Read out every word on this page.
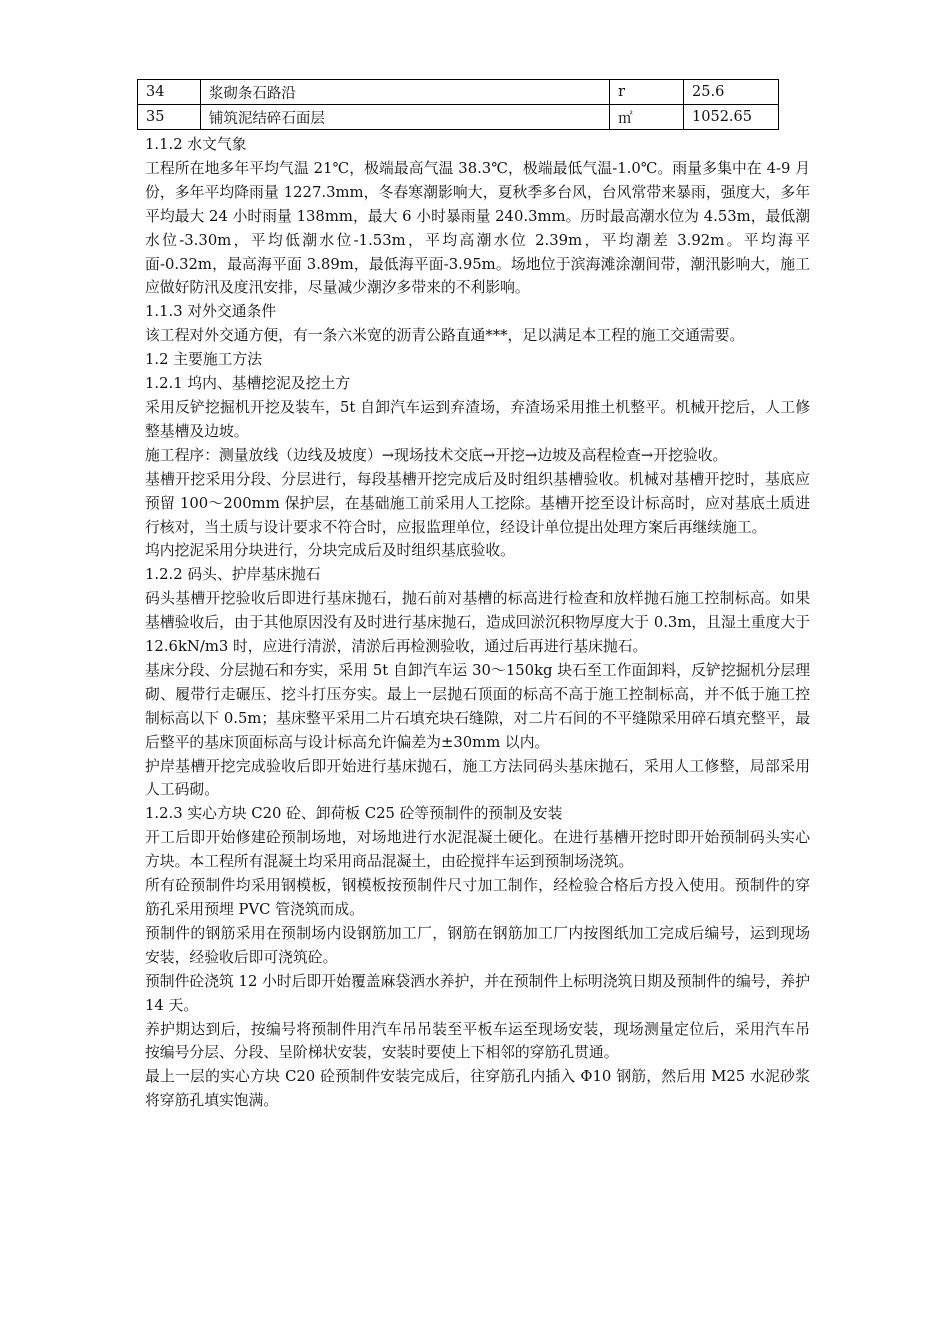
34	浆砌条石路沿	r	25.6
35	铺筑泥结碎石面层	㎡	1052.65

1.1.2 水文气象

工程所在地多年平均气温 21℃，极端最高气温 38.3℃，极端最低气温-1.0℃。雨量多集中在 4-9 月份，多年平均降雨量 1227.3mm，冬春寒潮影响大，夏秋季多台风，台风常带来暴雨，强度大，多年平均最大 24 小时雨量 138mm，最大 6 小时暴雨量 240.3mm。历时最高潮水位为 4.53m，最低潮水位-3.30m，平均低潮水位-1.53m，平均高潮水位 2.39m，平均潮差 3.92m。平均海平面-0.32m，最高海平面 3.89m，最低海平面-3.95m。场地位于滨海滩涂潮间带，潮汛影响大，施工应做好防汛及度汛安排，尽量减少潮汐多带来的不利影响。

1.1.3 对外交通条件

该工程对外交通方便，有一条六米宽的沥青公路直通***，足以满足本工程的施工交通需要。

1.2 主要施工方法

1.2.1 坞内、基槽挖泥及挖土方

采用反铲挖掘机开挖及装车，5t 自卸汽车运到弃渣场，弃渣场采用推土机整平。机械开挖后，人工修整基槽及边坡。

施工程序：测量放线（边线及坡度）→现场技术交底→开挖→边坡及高程检查→开挖验收。

基槽开挖采用分段、分层进行，每段基槽开挖完成后及时组织基槽验收。机械对基槽开挖时，基底应预留 100～200mm 保护层，在基础施工前采用人工挖除。基槽开挖至设计标高时，应对基底土质进行核对，当土质与设计要求不符合时，应报监理单位，经设计单位提出处理方案后再继续施工。

坞内挖泥采用分块进行，分块完成后及时组织基底验收。

1.2.2 码头、护岸基床抛石

码头基槽开挖验收后即进行基床抛石，抛石前对基槽的标高进行检查和放样抛石施工控制标高。如果基槽验收后，由于其他原因没有及时进行基床抛石，造成回淤沉积物厚度大于 0.3m，且湿土重度大于 12.6kN/m3 时，应进行清淤，清淤后再检测验收，通过后再进行基床抛石。

基床分段、分层抛石和夯实，采用 5t 自卸汽车运 30～150kg 块石至工作面卸料，反铲挖掘机分层理砌、履带行走碾压、挖斗打压夯实。最上一层抛石顶面的标高不高于施工控制标高，并不低于施工控制标高以下 0.5m；基床整平采用二片石填充块石缝隙，对二片石间的不平缝隙采用碎石填充整平，最后整平的基床顶面标高与设计标高允许偏差为±30mm 以内。

护岸基槽开挖完成验收后即开始进行基床抛石，施工方法同码头基床抛石，采用人工修整，局部采用人工码砌。

1.2.3 实心方块 C20 砼、卸荷板 C25 砼等预制件的预制及安装

开工后即开始修建砼预制场地，对场地进行水泥混凝土硬化。在进行基槽开挖时即开始预制码头实心方块。本工程所有混凝土均采用商品混凝土，由砼搅拌车运到预制场浇筑。

所有砼预制件均采用钢模板，钢模板按预制件尺寸加工制作，经检验合格后方投入使用。预制件的穿筋孔采用预埋 PVC 管浇筑而成。

预制件的钢筋采用在预制场内设钢筋加工厂，钢筋在钢筋加工厂内按图纸加工完成后编号，运到现场安装，经验收后即可浇筑砼。

预制件砼浇筑 12 小时后即开始覆盖麻袋洒水养护，并在预制件上标明浇筑日期及预制件的编号，养护 14 天。

养护期达到后，按编号将预制件用汽车吊吊装至平板车运至现场安装，现场测量定位后，采用汽车吊按编号分层、分段、呈阶梯状安装，安装时要使上下相邻的穿筋孔贯通。

最上一层的实心方块 C20 砼预制件安装完成后，往穿筋孔内插入 Φ10 钢筋，然后用 M25 水泥砂浆将穿筋孔填实饱满。
